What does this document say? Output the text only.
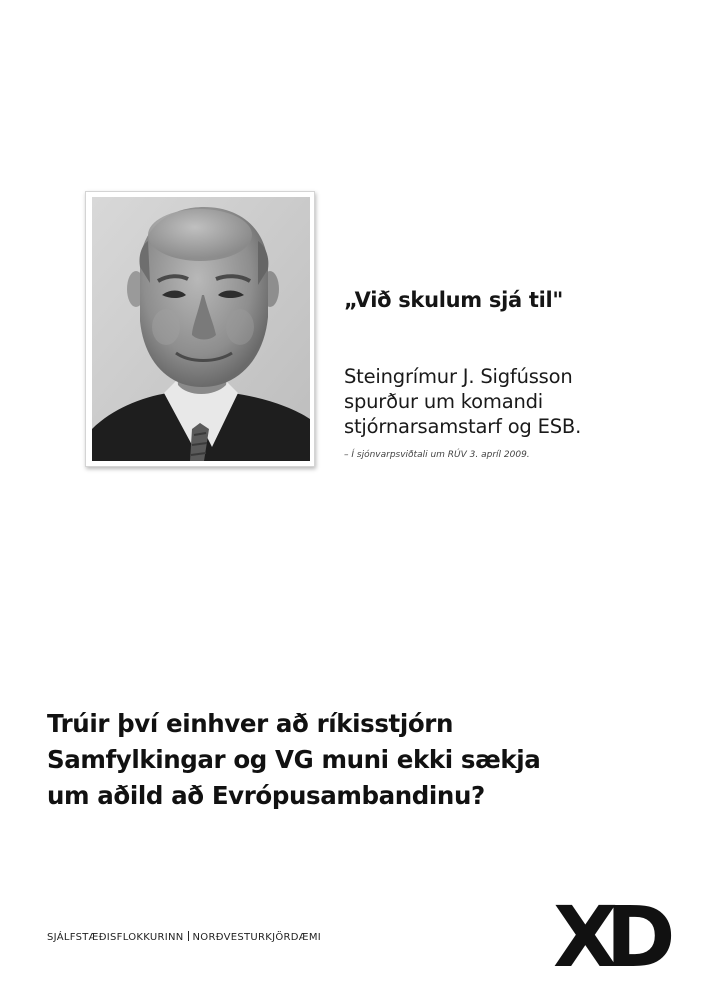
„Við skulum sjá til"
Steingrímur J. Sigfússon
spurður um komandi
stjórnarsamstarf og ESB.
– Í sjónvarpsviðtali um RÚV 3. apríl 2009.
Trúir því einhver að ríkisstjórn
Samfylkingar og VG muni ekki sækja
um aðild að Evrópusambandinu?
SJÁLFSTÆÐISFLOKKURINN NORÐVESTURKJÖRDÆMI	XD
